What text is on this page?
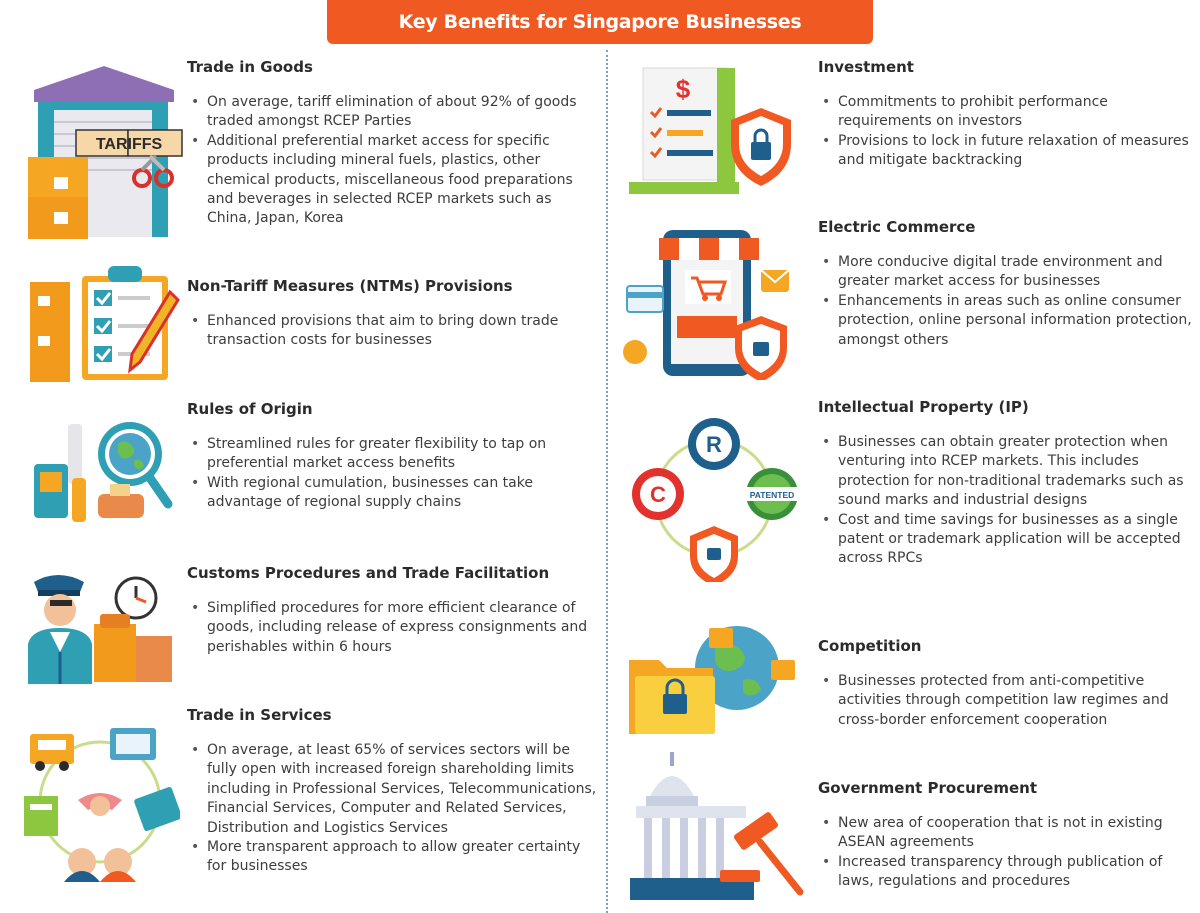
Key Benefits for Singapore Businesses
TARIFFS
Trade in Goods
• On average, tariff elimination of about 92% of goods traded amongst RCEP Parties
• Additional preferential market access for specific products including mineral fuels, plastics, other chemical products, miscellaneous food preparations and beverages in selected RCEP markets such as China, Japan, Korea
Non-Tariff Measures (NTMs) Provisions
• Enhanced provisions that aim to bring down trade transaction costs for businesses
Rules of Origin
• Streamlined rules for greater flexibility to tap on preferential market access benefits
• With regional cumulation, businesses can take advantage of regional supply chains
Customs Procedures and Trade Facilitation
• Simplified procedures for more efficient clearance of goods, including release of express consignments and perishables within 6 hours
Trade in Services
• On average, at least 65% of services sectors will be fully open with increased foreign shareholding limits including in Professional Services, Telecommunications, Financial Services, Computer and Related Services, Distribution and Logistics Services
• More transparent approach to allow greater certainty for businesses
$
Investment
• Commitments to prohibit performance requirements on investors
• Provisions to lock in future relaxation of measures and mitigate backtracking
Electric Commerce
• More conducive digital trade environment and greater market access for businesses
• Enhancements in areas such as online consumer protection, online personal information protection, amongst others
R
C	PATENTED
Intellectual Property (IP)
• Businesses can obtain greater protection when venturing into RCEP markets. This includes protection for non-traditional trademarks such as sound marks and industrial designs
• Cost and time savings for businesses as a single patent or trademark application will be accepted across RPCs
Competition
• Businesses protected from anti-competitive activities through competition law regimes and cross-border enforcement cooperation
Government Procurement
• New area of cooperation that is not in existing ASEAN agreements
• Increased transparency through publication of laws, regulations and procedures
